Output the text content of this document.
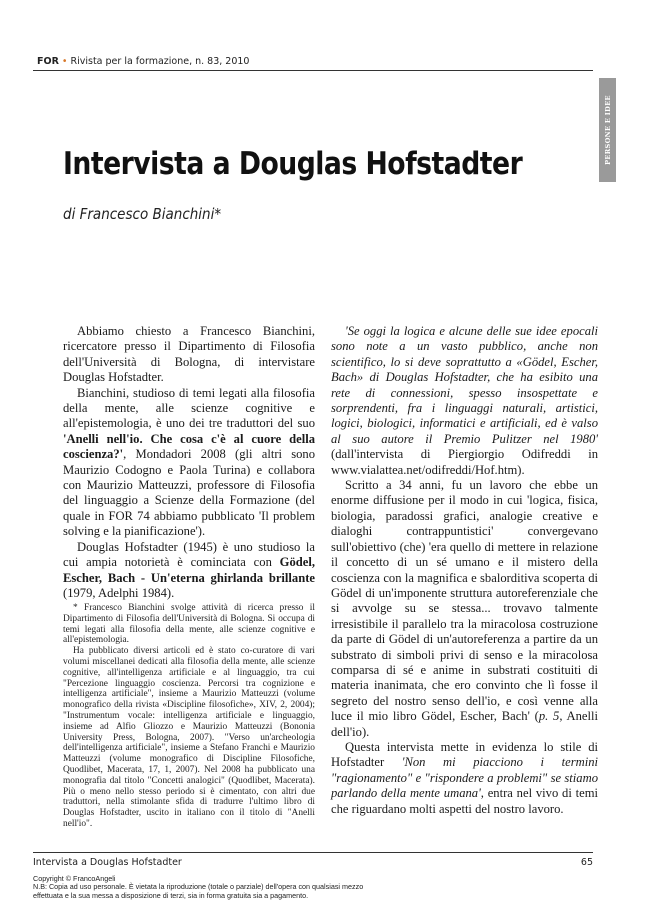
FOR • Rivista per la formazione, n. 83, 2010
PERSONE E IDEE
Intervista a Douglas Hofstadter
di Francesco Bianchini*

Abbiamo chiesto a Francesco Bianchini, ricercatore presso il Dipartimento di Filosofia dell'Università di Bologna, di intervistare Douglas Hofstadter.

Bianchini, studioso di temi legati alla filosofia della mente, alle scienze cognitive e all'epistemologia, è uno dei tre traduttori del suo 'Anelli nell'io. Che cosa c'è al cuore della coscienza?', Mondadori 2008 (gli altri sono Maurizio Codogno e Paola Turina) e collabora con Maurizio Matteuzzi, professore di Filosofia del linguaggio a Scienze della Formazione (del quale in FOR 74 abbiamo pubblicato 'Il problem solving e la pianificazione').

Douglas Hofstadter (1945) è uno studioso la cui ampia notorietà è cominciata con Gödel, Escher, Bach - Un'eterna ghirlanda brillante (1979, Adelphi 1984).

* Francesco Bianchini svolge attività di ricerca presso il Dipartimento di Filosofia dell'Università di Bologna. Si occupa di temi legati alla filosofia della mente, alle scienze cognitive e all'epistemologia.

Ha pubblicato diversi articoli ed è stato co-curatore di vari volumi miscellanei dedicati alla filosofia della mente, alle scienze cognitive, all'intelligenza artificiale e al linguaggio, tra cui "Percezione linguaggio coscienza. Percorsi tra cognizione e intelligenza artificiale", insieme a Maurizio Matteuzzi (volume monografico della rivista «Discipline filosofiche», XIV, 2, 2004); "Instrumentum vocale: intelligenza artificiale e linguaggio, insieme ad Alfio Gliozzo e Maurizio Matteuzzi (Bononia University Press, Bologna, 2007). "Verso un'archeologia dell'intelligenza artificiale", insieme a Stefano Franchi e Maurizio Matteuzzi (volume monografico di Discipline Filosofiche, Quodlibet, Macerata, 17, 1, 2007). Nel 2008 ha pubblicato una monografia dal titolo "Concetti analogici" (Quodlibet, Macerata). Più o meno nello stesso periodo si è cimentato, con altri due traduttori, nella stimolante sfida di tradurre l'ultimo libro di Douglas Hofstadter, uscito in italiano con il titolo di "Anelli nell'io".

'Se oggi la logica e alcune delle sue idee epocali sono note a un vasto pubblico, anche non scientifico, lo si deve soprattutto a «Gödel, Escher, Bach» di Douglas Hofstadter, che ha esibito una rete di connessioni, spesso insospettate e sorprendenti, fra i linguaggi naturali, artistici, logici, biologici, informatici e artificiali, ed è valso al suo autore il Premio Pulitzer nel 1980' (dall'intervista di Piergiorgio Odifreddi in www.vialattea.net/odifreddi/Hof.htm).

Scritto a 34 anni, fu un lavoro che ebbe un enorme diffusione per il modo in cui 'logica, fisica, biologia, paradossi grafici, analogie creative e dialoghi contrappuntistici' convergevano sull'obiettivo (che) 'era quello di mettere in relazione il concetto di un sé umano e il mistero della coscienza con la magnifica e sbalorditiva scoperta di Gödel di un'imponente struttura autoreferenziale che si avvolge su se stessa... trovavo talmente irresistibile il parallelo tra la miracolosa costruzione da parte di Gödel di un'autoreferenza a partire da un substrato di simboli privi di senso e la miracolosa comparsa di sé e anime in substrati costituiti di materia inanimata, che ero convinto che lì fosse il segreto del nostro senso dell'io, e così venne alla luce il mio libro Gödel, Escher, Bach' (p. 5, Anelli dell'io).

Questa intervista mette in evidenza lo stile di Hofstadter 'Non mi piacciono i termini "ragionamento" e "rispondere a problemi" se stiamo parlando della mente umana', entra nel vivo di temi che riguardano molti aspetti del nostro lavoro.

Intervista a Douglas Hofstadter	65
Copyright © FrancoAngeli
N.B: Copia ad uso personale. È vietata la riproduzione (totale o parziale) dell'opera con qualsiasi mezzo
effettuata e la sua messa a disposizione di terzi, sia in forma gratuita sia a pagamento.
